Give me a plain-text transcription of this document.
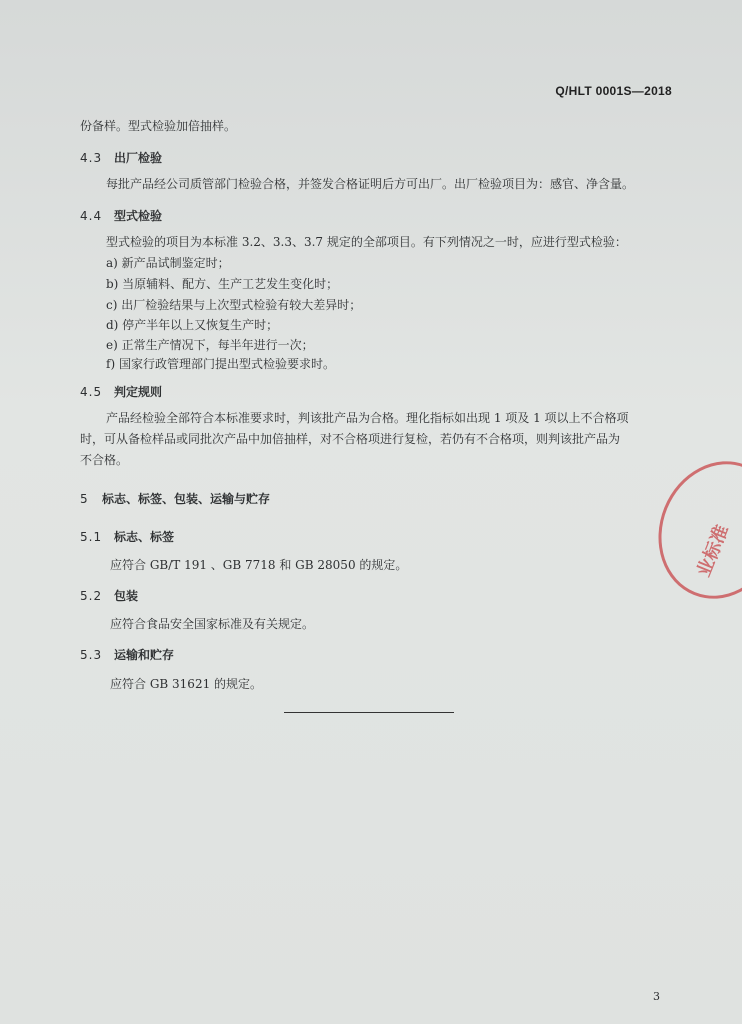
Q/HLT 0001S—2018
份备样。型式检验加倍抽样。
4.3 出厂检验
每批产品经公司质管部门检验合格，并签发合格证明后方可出厂。出厂检验项目为：感官、净含量。
4.4 型式检验
型式检验的项目为本标准 3.2、3.3、3.7 规定的全部项目。有下列情况之一时，应进行型式检验：
a) 新产品试制鉴定时；
b) 当原辅料、配方、生产工艺发生变化时；
c) 出厂检验结果与上次型式检验有较大差异时；
d) 停产半年以上又恢复生产时；
e) 正常生产情况下，每半年进行一次；
f) 国家行政管理部门提出型式检验要求时。
4.5 判定规则
产品经检验全部符合本标准要求时，判该批产品为合格。理化指标如出现 1 项及 1 项以上不合格项
时，可从备检样品或同批次产品中加倍抽样，对不合格项进行复检，若仍有不合格项，则判该批产品为
不合格。
5 标志、标签、包装、运输与贮存
5.1 标志、标签
应符合 GB/T 191 、GB 7718 和 GB 28050 的规定。
5.2 包装
应符合食品安全国家标准及有关规定。
5.3 运输和贮存
应符合 GB 31621 的规定。
业标准
3
